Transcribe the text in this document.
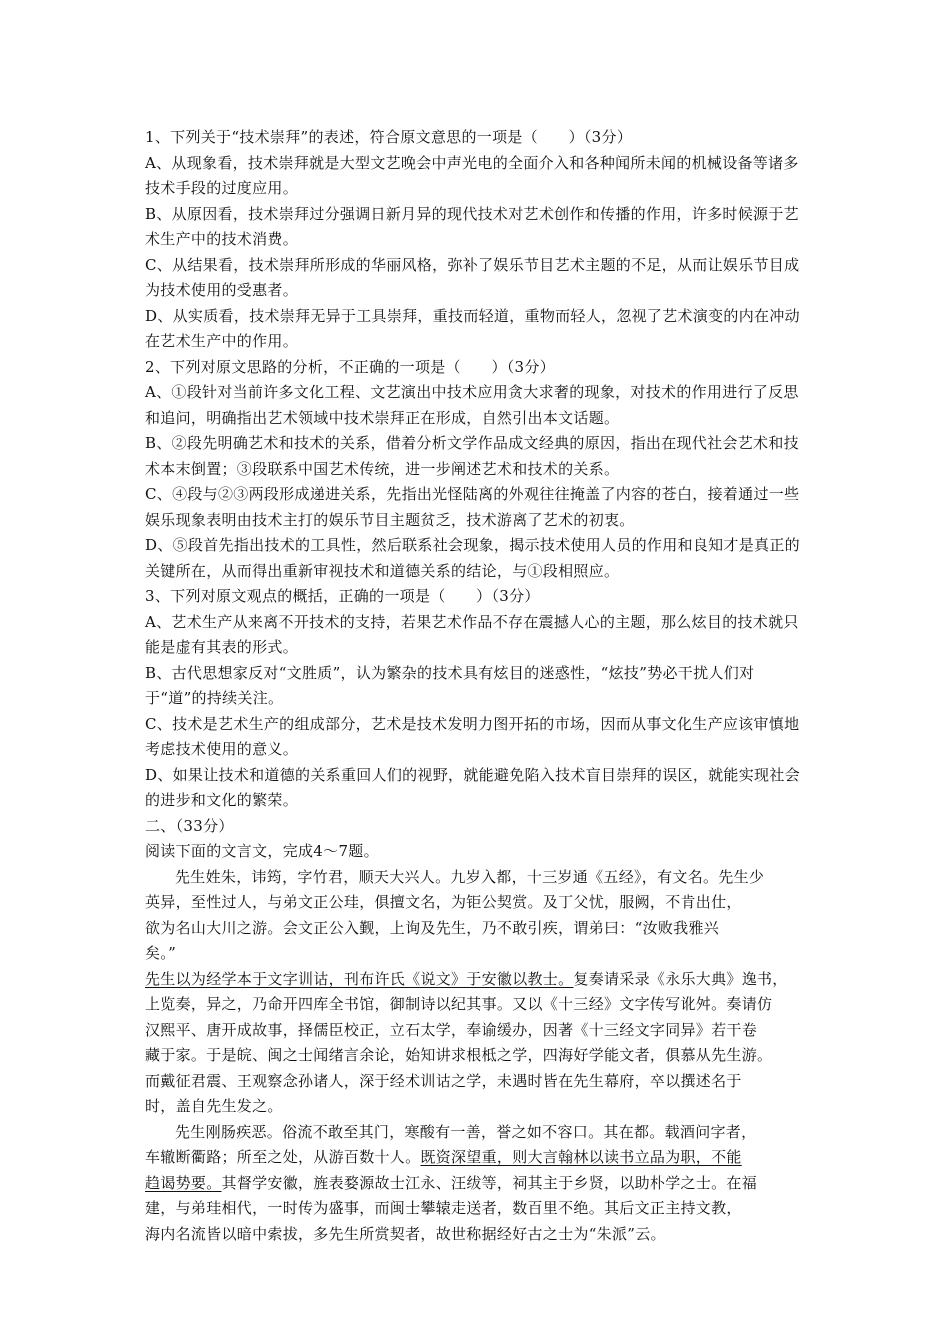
1、下列关于“技术崇拜”的表述，符合原文意思的一项是（　　）（3分）
A、从现象看，技术崇拜就是大型文艺晚会中声光电的全面介入和各种闻所未闻的机械设备等诸多技术手段的过度应用。
B、从原因看，技术崇拜过分强调日新月异的现代技术对艺术创作和传播的作用，许多时候源于艺术生产中的技术消费。
C、从结果看，技术崇拜所形成的华丽风格，弥补了娱乐节目艺术主题的不足，从而让娱乐节目成为技术使用的受惠者。
D、从实质看，技术崇拜无异于工具崇拜，重技而轻道，重物而轻人，忽视了艺术演变的内在冲动在艺术生产中的作用。
2、下列对原文思路的分析，不正确的一项是（　　）（3分）
A、①段针对当前许多文化工程、文艺演出中技术应用贪大求奢的现象，对技术的作用进行了反思和追问，明确指出艺术领域中技术崇拜正在形成，自然引出本文话题。
B、②段先明确艺术和技术的关系，借着分析文学作品成文经典的原因，指出在现代社会艺术和技术本末倒置；③段联系中国艺术传统，进一步阐述艺术和技术的关系。
C、④段与②③两段形成递进关系，先指出光怪陆离的外观往往掩盖了内容的苍白，接着通过一些娱乐现象表明由技术主打的娱乐节目主题贫乏，技术游离了艺术的初衷。
D、⑤段首先指出技术的工具性，然后联系社会现象，揭示技术使用人员的作用和良知才是真正的关键所在，从而得出重新审视技术和道德关系的结论，与①段相照应。
3、下列对原文观点的概括，正确的一项是（　　）（3分）
A、艺术生产从来离不开技术的支持，若果艺术作品不存在震撼人心的主题，那么炫目的技术就只能是虚有其表的形式。
B、古代思想家反对“文胜质”，认为繁杂的技术具有炫目的迷惑性，“炫技”势必干扰人们对于“道”的持续关注。
C、技术是艺术生产的组成部分，艺术是技术发明力图开拓的市场，因而从事文化生产应该审慎地考虑技术使用的意义。
D、如果让技术和道德的关系重回人们的视野，就能避免陷入技术盲目崇拜的误区，就能实现社会的进步和文化的繁荣。
二、（33分）
阅读下面的文言文，完成4～7题。
先生姓朱，讳筠，字竹君，顺天大兴人。九岁入都，十三岁通《五经》，有文名。先生少
英异，至性过人，与弟文正公珪，俱擅文名，为钜公契赏。及丁父忧，服阙，不肯出仕，
欲为名山大川之游。会文正公入觐，上询及先生，乃不敢引疾，谓弟曰：“汝败我雅兴
矣。”
先生以为经学本于文字训诂，刊布许氏《说文》于安徽以教士。复奏请采录《永乐大典》逸书，
上览奏，异之，乃命开四库全书馆，御制诗以纪其事。又以《十三经》文字传写讹舛。奏请仿
汉熙平、唐开成故事，择儒臣校正，立石太学，奉谕缓办，因著《十三经文字同异》若干卷
藏于家。于是皖、闽之士闻绪言余论，始知讲求根柢之学，四海好学能文者，俱慕从先生游。
而戴征君震、王观察念孙诸人，深于经术训诂之学，未遇时皆在先生幕府，卒以撰述名于
时，盖自先生发之。
先生刚肠疾恶。俗流不敢至其门，寒酸有一善，誉之如不容口。其在都。载酒问字者，
车辙断衢路；所至之处，从游百数十人。既资深望重，则大言翰林以读书立品为职，不能
趋谒势要。其督学安徽，旌表婺源故士江永、汪绂等，祠其主于乡贤，以助朴学之士。在福
建，与弟珪相代，一时传为盛事，而闽士攀辕走送者，数百里不绝。其后文正主持文教，
海内名流皆以暗中索拔，多先生所赏契者，故世称据经好古之士为“朱派”云。
